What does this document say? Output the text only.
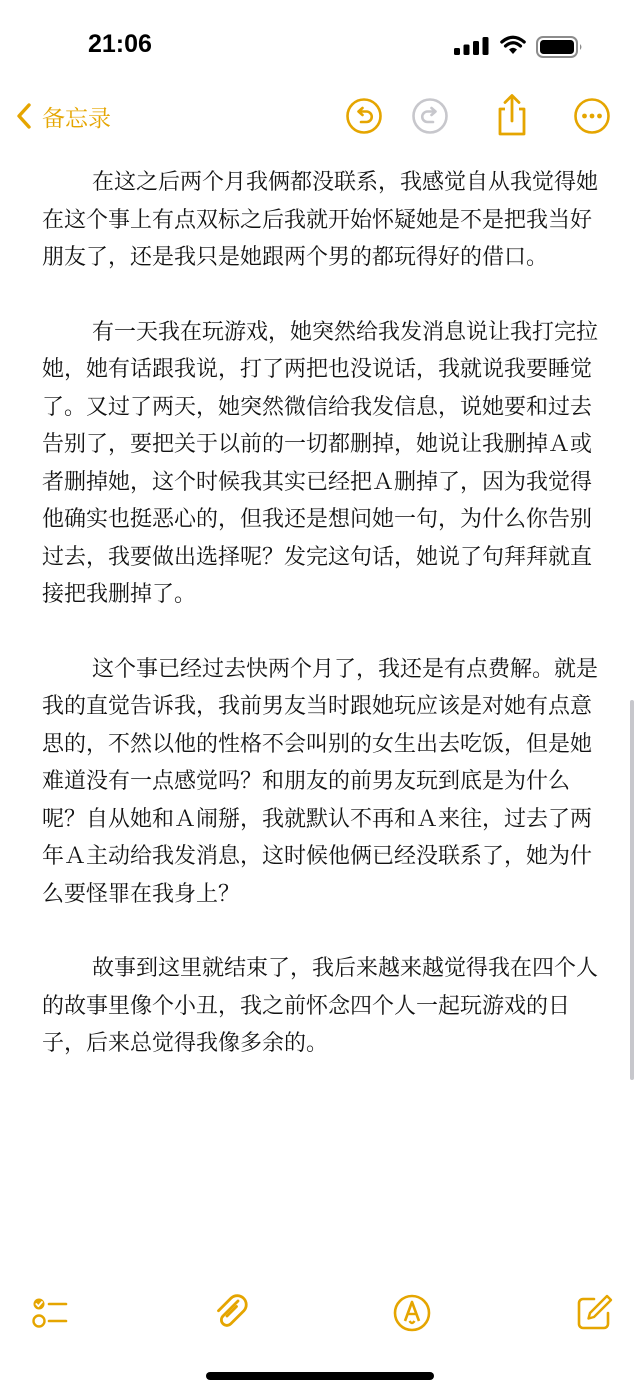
21:06
备忘录

在这之后两个月我俩都没联系，我感觉自从我觉得她在这个事上有点双标之后我就开始怀疑她是不是把我当好朋友了，还是我只是她跟两个男的都玩得好的借口。

有一天我在玩游戏，她突然给我发消息说让我打完拉她，她有话跟我说，打了两把也没说话，我就说我要睡觉了。又过了两天，她突然微信给我发信息，说她要和过去告别了，要把关于以前的一切都删掉，她说让我删掉Ａ或者删掉她，这个时候我其实已经把Ａ删掉了，因为我觉得他确实也挺恶心的，但我还是想问她一句，为什么你告别过去，我要做出选择呢？发完这句话，她说了句拜拜就直接把我删掉了。

这个事已经过去快两个月了，我还是有点费解。就是我的直觉告诉我，我前男友当时跟她玩应该是对她有点意思的，不然以他的性格不会叫别的女生出去吃饭，但是她难道没有一点感觉吗？和朋友的前男友玩到底是为什么呢？自从她和Ａ闹掰，我就默认不再和Ａ来往，过去了两年Ａ主动给我发消息，这时候他俩已经没联系了，她为什么要怪罪在我身上？

故事到这里就结束了，我后来越来越觉得我在四个人的故事里像个小丑，我之前怀念四个人一起玩游戏的日子，后来总觉得我像多余的。
